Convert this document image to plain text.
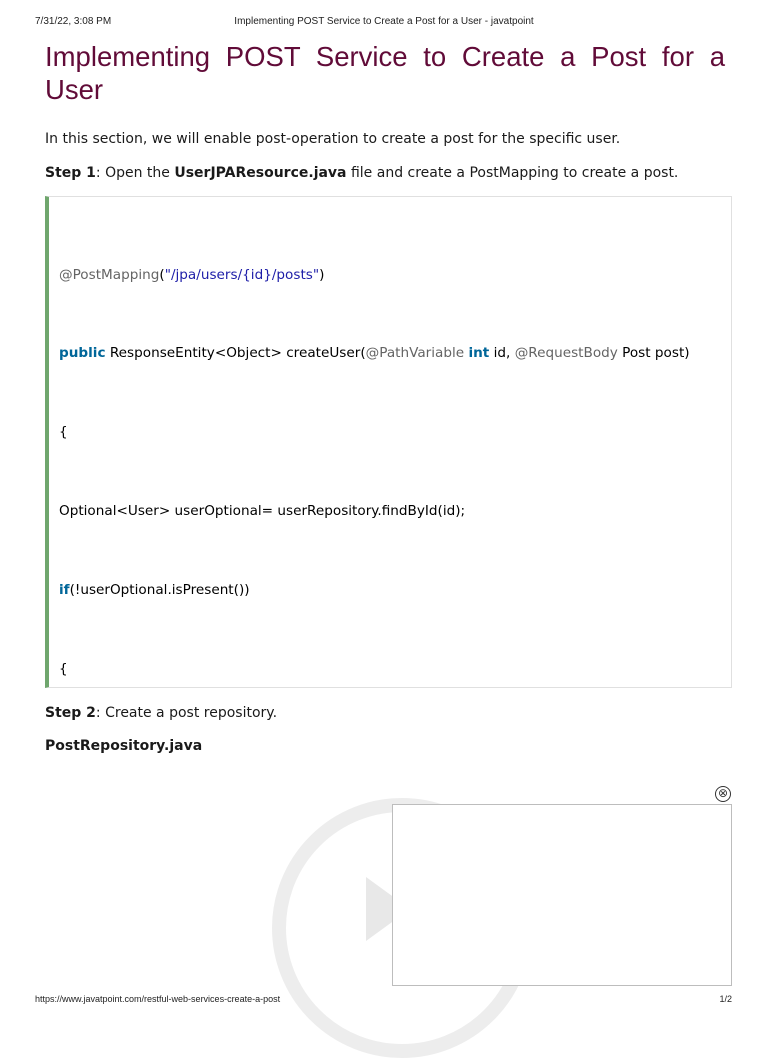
7/31/22, 3:08 PM	Implementing POST Service to Create a Post for a User - javatpoint
Implementing POST Service to Create a Post for a User

In this section, we will enable post-operation to create a post for the specific user.

Step 1: Open the UserJPAResource.java file and create a PostMapping to create a post.

@PostMapping("/jpa/users/{id}/posts")

public ResponseEntity<Object> createUser(@PathVariable int id, @RequestBody Post post)

{

Optional<User> userOptional= userRepository.findById(id);

if(!userOptional.isPresent())

{

Step 2: Create a post repository.

PostRepository.java

⊗
https://www.javatpoint.com/restful-web-services-create-a-post	1/2
